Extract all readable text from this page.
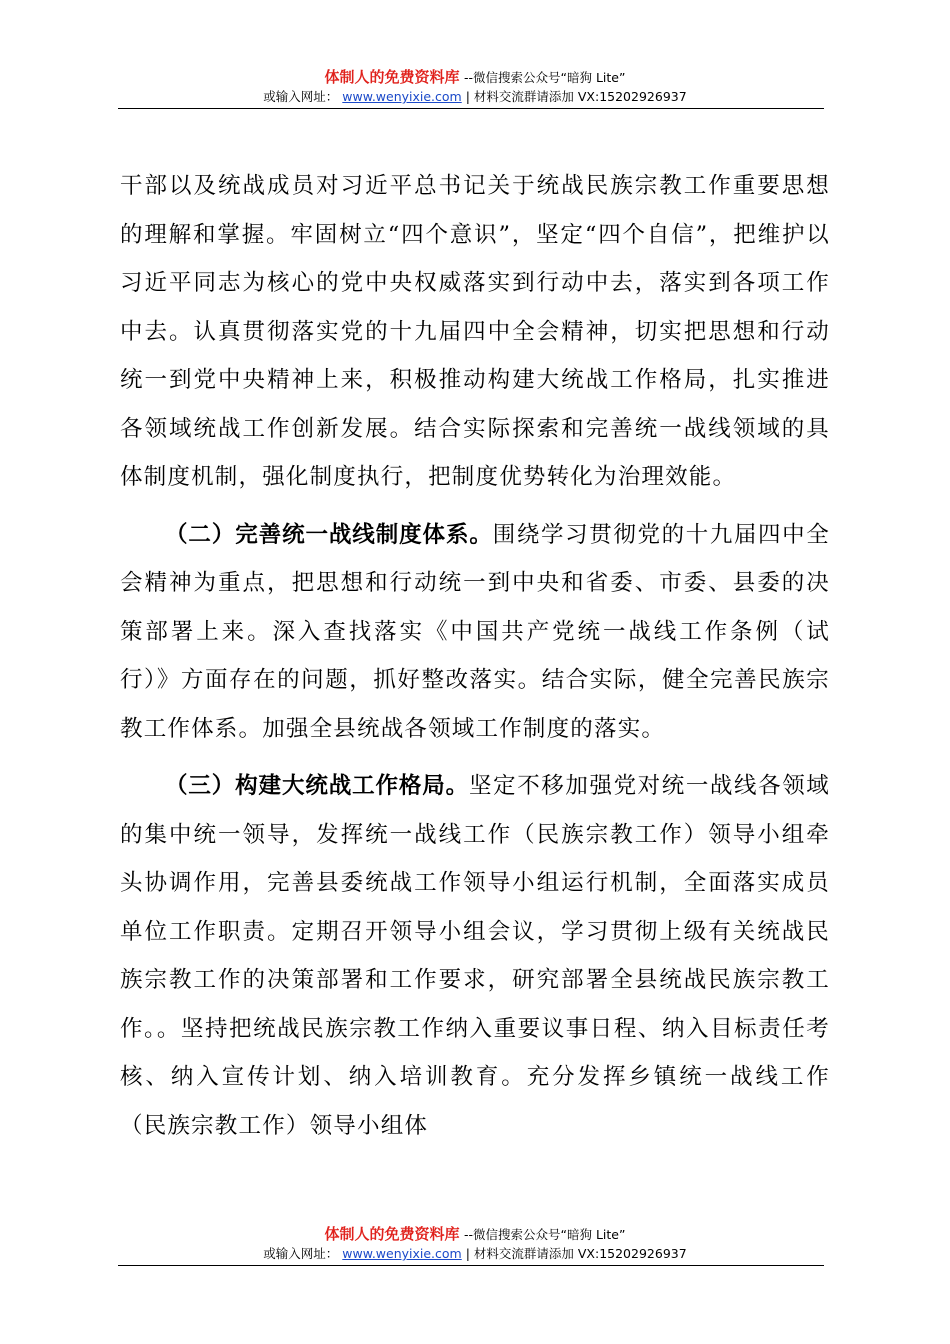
体制人的免费资料库 --微信搜索公众号“暗狗 Lite”
或输入网址： www.wenyixie.com | 材料交流群请添加 VX:15202926937

干部以及统战成员对习近平总书记关于统战民族宗教工作重要思想的理解和掌握。牢固树立“四个意识”，坚定“四个自信”，把维护以习近平同志为核心的党中央权威落实到行动中去，落实到各项工作中去。认真贯彻落实党的十九届四中全会精神，切实把思想和行动统一到党中央精神上来，积极推动构建大统战工作格局，扎实推进各领域统战工作创新发展。结合实际探索和完善统一战线领域的具体制度机制，强化制度执行，把制度优势转化为治理效能。

（二）完善统一战线制度体系。围绕学习贯彻党的十九届四中全会精神为重点，把思想和行动统一到中央和省委、市委、县委的决策部署上来。深入查找落实《中国共产党统一战线工作条例（试行）》方面存在的问题，抓好整改落实。结合实际，健全完善民族宗教工作体系。加强全县统战各领域工作制度的落实。

（三）构建大统战工作格局。坚定不移加强党对统一战线各领域的集中统一领导，发挥统一战线工作（民族宗教工作）领导小组牵头协调作用，完善县委统战工作领导小组运行机制，全面落实成员单位工作职责。定期召开领导小组会议，学习贯彻上级有关统战民族宗教工作的决策部署和工作要求，研究部署全县统战民族宗教工作。。坚持把统战民族宗教工作纳入重要议事日程、纳入目标责任考核、纳入宣传计划、纳入培训教育。充分发挥乡镇统一战线工作（民族宗教工作）领导小组体

体制人的免费资料库 --微信搜索公众号“暗狗 Lite”
或输入网址： www.wenyixie.com | 材料交流群请添加 VX:15202926937
